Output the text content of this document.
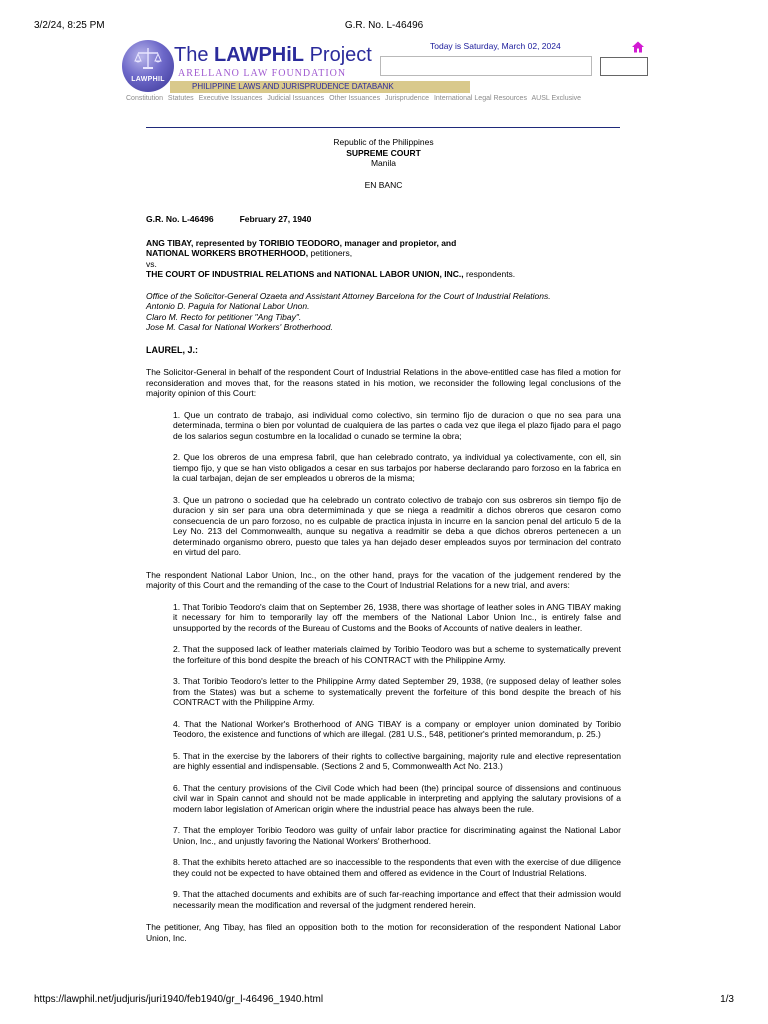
3/2/24, 8:25 PM	G.R. No. L-46496
LAWPHIL
The LAWPHiL Project
ARELLANO LAW FOUNDATION
PHILIPPINE LAWS AND JURISPRUDENCE DATABANK
Today is Saturday, March 02, 2024
Constitution Statutes Executive Issuances Judicial Issuances Other Issuances Jurisprudence International Legal Resources AUSL Exclusive
Republic of the Philippines
SUPREME COURT
Manila
EN BANC
G.R. No. L-46496	February 27, 1940
ANG TIBAY, represented by TORIBIO TEODORO, manager and propietor, and
NATIONAL WORKERS BROTHERHOOD, petitioners,
vs.
THE COURT OF INDUSTRIAL RELATIONS and NATIONAL LABOR UNION, INC., respondents.
Office of the Solicitor-General Ozaeta and Assistant Attorney Barcelona for the Court of Industrial Relations.
Antonio D. Paguia for National Labor Unon.
Claro M. Recto for petitioner "Ang Tibay".
Jose M. Casal for National Workers' Brotherhood.
LAUREL, J.:

The Solicitor-General in behalf of the respondent Court of Industrial Relations in the above-entitled case has filed a motion for reconsideration and moves that, for the reasons stated in his motion, we reconsider the following legal conclusions of the majority opinion of this Court:

1. Que un contrato de trabajo, asi individual como colectivo, sin termino fijo de duracion o que no sea para una determinada, termina o bien por voluntad de cualquiera de las partes o cada vez que ilega el plazo fijado para el pago de los salarios segun costumbre en la localidad o cunado se termine la obra;

2. Que los obreros de una empresa fabril, que han celebrado contrato, ya individual ya colectivamente, con ell, sin tiempo fijo, y que se han visto obligados a cesar en sus tarbajos por haberse declarando paro forzoso en la fabrica en la cual tarbajan, dejan de ser empleados u obreros de la misma;

3. Que un patrono o sociedad que ha celebrado un contrato colectivo de trabajo con sus osbreros sin tiempo fijo de duracion y sin ser para una obra determiminada y que se niega a readmitir a dichos obreros que cesaron como consecuencia de un paro forzoso, no es culpable de practica injusta in incurre en la sancion penal del articulo 5 de la Ley No. 213 del Commonwealth, aunque su negativa a readmitir se deba a que dichos obreros pertenecen a un determinado organismo obrero, puesto que tales ya han dejado deser empleados suyos por terminacion del contrato en virtud del paro.

The respondent National Labor Union, Inc., on the other hand, prays for the vacation of the judgement rendered by the majority of this Court and the remanding of the case to the Court of Industrial Relations for a new trial, and avers:

1. That Toribio Teodoro's claim that on September 26, 1938, there was shortage of leather soles in ANG TIBAY making it necessary for him to temporarily lay off the members of the National Labor Union Inc., is entirely false and unsupported by the records of the Bureau of Customs and the Books of Accounts of native dealers in leather.

2. That the supposed lack of leather materials claimed by Toribio Teodoro was but a scheme to systematically prevent the forfeiture of this bond despite the breach of his CONTRACT with the Philippine Army.

3. That Toribio Teodoro's letter to the Philippine Army dated September 29, 1938, (re supposed delay of leather soles from the States) was but a scheme to systematically prevent the forfeiture of this bond despite the breach of his CONTRACT with the Philippine Army.

4. That the National Worker's Brotherhood of ANG TIBAY is a company or employer union dominated by Toribio Teodoro, the existence and functions of which are illegal. (281 U.S., 548, petitioner's printed memorandum, p. 25.)

5. That in the exercise by the laborers of their rights to collective bargaining, majority rule and elective representation are highly essential and indispensable. (Sections 2 and 5, Commonwealth Act No. 213.)

6. That the century provisions of the Civil Code which had been (the) principal source of dissensions and continuous civil war in Spain cannot and should not be made applicable in interpreting and applying the salutary provisions of a modern labor legislation of American origin where the industrial peace has always been the rule.

7. That the employer Toribio Teodoro was guilty of unfair labor practice for discriminating against the National Labor Union, Inc., and unjustly favoring the National Workers' Brotherhood.

8. That the exhibits hereto attached are so inaccessible to the respondents that even with the exercise of due diligence they could not be expected to have obtained them and offered as evidence in the Court of Industrial Relations.

9. That the attached documents and exhibits are of such far-reaching importance and effect that their admission would necessarily mean the modification and reversal of the judgment rendered herein.

The petitioner, Ang Tibay, has filed an opposition both to the motion for reconsideration of the respondent National Labor Union, Inc.

https://lawphil.net/judjuris/juri1940/feb1940/gr_l-46496_1940.html	1/3
